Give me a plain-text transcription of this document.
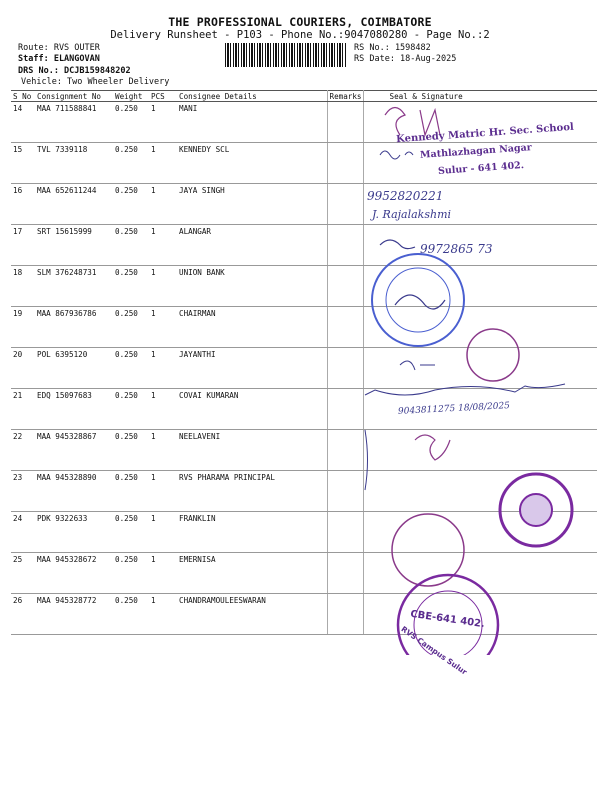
THE PROFESSIONAL COURIERS, COIMBATORE
Delivery Runsheet - P103 - Phone No.:9047080280 - Page No.:2
Route: RVS OUTER
Staff: ELANGOVAN
DRS No.: DCJB159848202
Vehicle: Two Wheeler Delivery
RS No.: 1598482
RS Date: 18-Aug-2025
S No	Consignment No	Weight	PCS	Consignee Details	Remarks	Seal & Signature
14	MAA 711588841	0.250	1	MANI		
15	TVL 7339118	0.250	1	KENNEDY SCL		
16	MAA 652611244	0.250	1	JAYA SINGH		
17	SRT 15615999	0.250	1	ALANGAR		
18	SLM 376248731	0.250	1	UNION BANK		
19	MAA 867936786	0.250	1	CHAIRMAN		
20	POL 6395120	0.250	1	JAYANTHI		
21	EDQ 15097683	0.250	1	COVAI KUMARAN		
22	MAA 945328867	0.250	1	NEELAVENI		
23	MAA 945328890	0.250	1	RVS PHARAMA PRINCIPAL		
24	PDK 9322633	0.250	1	FRANKLIN		
25	MAA 945328672	0.250	1	EMERNISA		
26	MAA 945328772	0.250	1	CHANDRAMOULEESWARAN		
Kennedy Matric Hr. Sec. School
Mathlazhagan Nagar
Sulur - 641 402.
9952820221
J. Rajalakshmi
9972865 73
9043811275 18/08/2025
CBE-641 402.
RVS Campus Sulur
